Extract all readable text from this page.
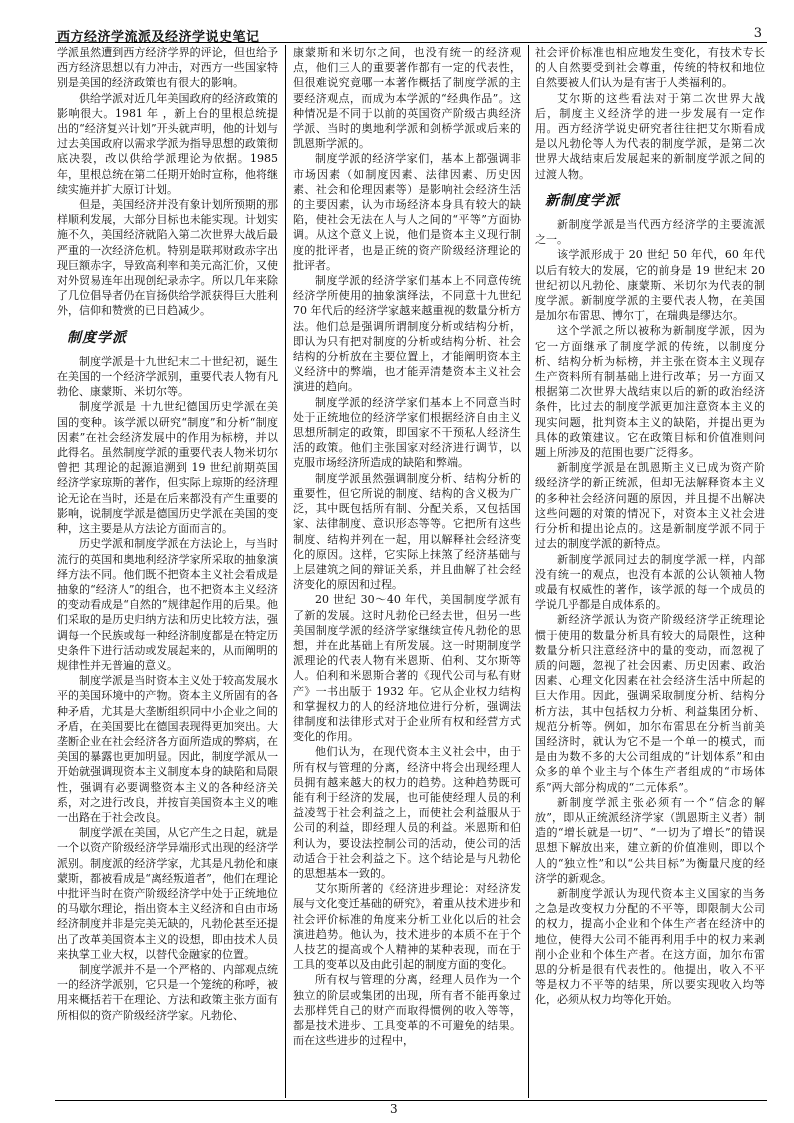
西方经济学流派及经济学说史笔记	3

学派虽然遭到西方经济学界的评论，但也给予西方经济思想以有力冲击，对西方一些国家特别是美国的经济政策也有很大的影响。

供给学派对近几年美国政府的经济政策的影响很大。1981 年 ，新上台的里根总统提出的“经济复兴计划”开头就声明，他的计划与过去美国政府以需求学派为指导思想的政策彻底决裂，改以供给学派理论为依据。1985 年，里根总统在第二任期开始时宣称，他将继续实施并扩大原订计划。

但是，美国经济并没有象计划所预期的那样顺利发展，大部分目标也未能实现。计划实施不久，美国经济就陷入第二次世界大战后最严重的一次经济危机。特别是联邦财政赤字出现巨额赤字，导致高利率和美元高汇价，又使对外贸易连年出现创纪录赤字。所以几年来除了几位倡导者仍在盲扬供给学派获得巨大胜利外，信仰和赞赏的已日趋减少。

制度学派

制度学派是十九世纪末二十世纪初，诞生在美国的一个经济学派别，重要代表人物有凡勃伦、康蒙斯、米切尔等。

制度学派是 十九世纪德国历史学派在美国的变种。该学派以研究“制度”和分析“制度因素”在社会经济发展中的作用为标榜，并以此得名。虽然制度学派的重要代表人物米切尔曾把 其理论的起源追溯到 19 世纪前期英国经济学家琼斯的著作，但实际上琼斯的经济理论无论在当时，还是在后来都没有产生重要的影响，说制度学派是德国历史学派在美国的变种，这主要是从方法论方面而言的。

历史学派和制度学派在方法论上，与当时流行的英国和奥地利经济学家所采取的抽象演绎方法不同。他们既不把资本主义社会看成是抽象的“经济人”的组合，也不把资本主义经济的变动看成是“自然的”规律起作用的后果。他们采取的是历史归纳方法和历史比较方法，强调每一个民族或每一种经济制度都是在特定历史条件下进行活动或发展起来的，从而阐明的规律性并无普遍的意义。

制度学派是当时资本主义处于较高发展水平的美国环境中的产物。资本主义所固有的各种矛盾，尤其是大垄断组织同中小企业之间的矛盾，在美国要比在德国表现得更加突出。大垄断企业在社会经济各方面所造成的弊病，在美国的暴露也更加明显。因此，制度学派从一开始就强调现资本主义制度本身的缺陷和局限性，强调有必要调整资本主义的各种经济关系，对之进行改良，并按盲美国资本主义的唯一出路在于社会改良。

制度学派在美国，从它产生之日起，就是一个以资产阶级经济学异端形式出现的经济学派别。制度派的经济学家，尤其是凡勃伦和康蒙斯，都被看成是“离经叛道者”，他们在理论中批评当时在资产阶级经济学中处于正统地位的马歇尔理论，指出资本主义经济和自由市场经济制度并非是完美无缺的，凡勃伦甚至还提出了改革美国资本主义的设想，即由技术人员来执掌工业大权，以替代金融家的位置。

制度学派并不是一个严格的、内部观点统一的经济学派别，它只是一个笼统的称呼，被用来概括若干在理论、方法和政策主张方面有所相似的资产阶级经济学家。凡勃伦、

康蒙斯和米切尔之间，也没有统一的经济观点，他们三人的重要著作都有一定的代表性，但很难说究竟哪一本著作概括了制度学派的主要经济观点，而成为本学派的“经典作品”。这种情况是不同于以前的英国资产阶级古典经济学派、当时的奥地利学派和剑桥学派或后来的凯恩斯学派的。

制度学派的经济学家们，基本上都强调非市场因素（如制度因素、法律因素、历史因素、社会和伦理因素等）是影响社会经济生活的主要因素，认为市场经济本身具有较大的缺陷，使社会无法在人与人之间的“平等”方面协调。从这个意义上说，他们是资本主义现行制度的批评者，也是正统的资产阶级经济理论的批评者。

制度学派的经济学家们基本上不同意传统经济学所使用的抽象演绎法，不同意十九世纪 70 年代后的经济学家越来越重视的数量分析方法。他们总是强调所谓制度分析或结构分析，即认为只有把对制度的分析或结构分析、社会结构的分析放在主要位置上，才能阐明资本主义经济中的弊端，也才能弄清楚资本主义社会演进的趋向。

制度学派的经济学家们基本上不同意当时处于正统地位的经济学家们根据经济自由主义思想所制定的政策，即国家不干预私人经济生活的政策。他们主张国家对经济进行调节，以克服市场经济所造成的缺陷和弊端。

制度学派虽然强调制度分析、结构分析的重要性，但它所说的制度、结构的含义极为广泛，其中既包括所有制、分配关系，又包括国家、法律制度、意识形态等等。它把所有这些制度、结构并列在一起，用以解释社会经济变化的原因。这样，它实际上抹煞了经济基础与上层建筑之间的辩证关系，并且曲解了社会经济变化的原因和过程。

20 世纪 30～40 年代，美国制度学派有了新的发展。这时凡勃伦已经去世，但另一些美国制度学派的经济学家继续宣传凡勃伦的思想，并在此基础上有所发展。这一时期制度学派理论的代表人物有米恩斯、伯利、艾尔斯等人。伯利和米恩斯合著的《现代公司与私有财产》一书出版于 1932 年。它从企业权力结构和掌握权力的人的经济地位进行分析，强调法律制度和法律形式对于企业所有权和经营方式变化的作用。

他们认为，在现代资本主义社会中，由于所有权与管理的分离，经济中将会出现经理人员拥有越来越大的权力的趋势。这种趋势既可能有利于经济的发展，也可能使经理人员的利益凌驾于社会利益之上，而使社会利益服从于公司的利益，即经理人员的利益。米恩斯和伯利认为，要设法控制公司的活动，使公司的活动适合于社会利益之下。这个结论是与凡勃伦的思想基本一致的。

艾尔斯所著的《经济进步理论：对经济发展与文化变迁基础的研究》，着重从技术进步和社会评价标准的角度来分析工业化以后的社会演进趋势。他认为，技术进步的本质不在于个人技艺的提高或个人精神的某种表现，而在于工具的变革以及由此引起的制度方面的变化。

所有权与管理的分离，经理人员作为一个独立的阶层或集团的出现，所有者不能再象过去那样凭自己的财产而取得惯例的收入等等，都是技术进步、工具变革的不可避免的结果。而在这些进步的过程中，

社会评价标准也相应地发生变化，有技术专长的人自然要受到社会尊重，传统的特权和地位自然要被人们认为是有害于人类福利的。

艾尔斯的这些看法对于第二次世界大战后，制度主义经济学的进一步发展有一定作用。西方经济学说史研究者往往把艾尔斯看成是以凡勃伦等人为代表的制度学派，是第二次世界大战结束后发展起来的新制度学派之间的过渡人物。

新制度学派

新制度学派是当代西方经济学的主要流派之一。

该学派形成于 20 世纪 50 年代，60 年代以后有较大的发展，它的前身是 19 世纪末 20 世纪初以凡勃伦、康蒙斯、米切尔为代表的制度学派。新制度学派的主要代表人物，在美国是加尔布雷思、博尔丁，在瑞典是缪达尔。

这个学派之所以被称为新制度学派，因为它一方面继承了制度学派的传统，以制度分析、结构分析为标榜，并主张在资本主义现存生产资料所有制基础上进行改革；另一方面又根据第二次世界大战结束以后的新的政治经济条件，比过去的制度学派更加注意资本主义的现实问题，批判资本主义的缺陷，并提出更为具体的政策建议。它在政策目标和价值准则问题上所涉及的范围也要广泛得多。

新制度学派是在凯恩斯主义已成为资产阶级经济学的新正统派，但却无法解释资本主义的多种社会经济问题的原因，并且提不出解决这些问题的对策的情况下，对资本主义社会进行分析和提出论点的。这是新制度学派不同于过去的制度学派的新特点。

新制度学派同过去的制度学派一样，内部没有统一的观点，也没有本派的公认领袖人物或最有权威性的著作，该学派的每一个成员的学说几乎都是自成体系的。

新经济学派认为资产阶级经济学正统理论惯于使用的数量分析具有较大的局限性，这种数量分析只注意经济中的量的变动，而忽视了质的问题，忽视了社会因素、历史因素、政治因素、心理文化因素在社会经济生活中所起的巨大作用。因此，强调采取制度分析、结构分析方法，其中包括权力分析、利益集团分析、规范分析等。例如，加尔布雷思在分析当前美国经济时，就认为它不是一个单一的模式，而是由为数不多的大公司组成的“计划体系”和由众多的单个业主与个体生产者组成的“市场体系”两大部分构成的“二元体系”。

新制度学派主张必须有一个“信念的解放”，即从正统派经济学家（凯恩斯主义者）制造的“增长就是一切”、“一切为了增长”的错误思想下解放出来，建立新的价值准则，即以个人的“独立性”和以“公共目标”为衡量尺度的经济学的新观念。

新制度学派认为现代资本主义国家的当务之急是改变权力分配的不平等，即限制大公司的权力，提高小企业和个体生产者在经济中的地位，使得大公司不能再利用手中的权力来剥削小企业和个体生产者。在这方面，加尔布雷思的分析是很有代表性的。他提出，收入不平等是权力不平等的结果，所以要实现收入均等化，必须从权力均等化开始。

3
